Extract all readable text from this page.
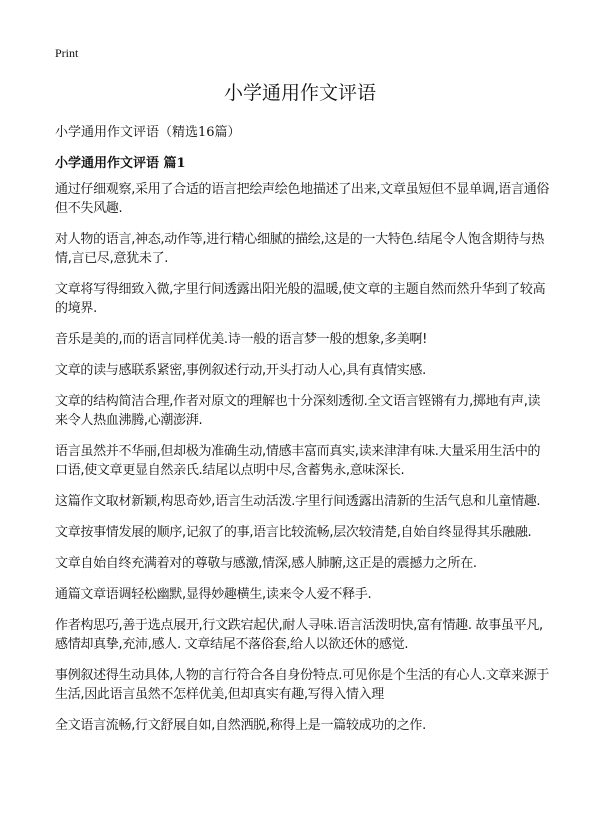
Print
小学通用作文评语

小学通用作文评语（精选16篇）

小学通用作文评语 篇1

通过仔细观察,采用了合适的语言把绘声绘色地描述了出来,文章虽短但不显单调,语言通俗但不失风趣.

对人物的语言,神态,动作等,进行精心细腻的描绘,这是的一大特色.结尾令人饱含期待与热情,言已尽,意犹未了.

文章将写得细致入微,字里行间透露出阳光般的温暖,使文章的主题自然而然升华到了较高的境界.

音乐是美的,而的语言同样优美.诗一般的语言梦一般的想象,多美啊!

文章的读与感联系紧密,事例叙述行动,开头打动人心,具有真情实感.

文章的结构简洁合理,作者对原文的理解也十分深刻透彻.全文语言铿锵有力,掷地有声,读来令人热血沸腾,心潮澎湃.

语言虽然并不华丽,但却极为准确生动,情感丰富而真实,读来津津有味.大量采用生活中的口语,使文章更显自然亲氏.结尾以点明中尽,含蓄隽永,意味深长.

这篇作文取材新颖,构思奇妙,语言生动活泼.字里行间透露出清新的生活气息和儿童情趣.

文章按事情发展的顺序,记叙了的事,语言比较流畅,层次较清楚,自始自终显得其乐融融.

文章自始自终充满着对的尊敬与感激,情深,感人肺腑,这正是的震撼力之所在.

通篇文章语调轻松幽默,显得妙趣横生,读来令人爱不释手.

作者构思巧,善于选点展开,行文跌宕起伏,耐人寻味.语言活泼明快,富有情趣. 故事虽平凡,感情却真挚,充沛,感人. 文章结尾不落俗套,给人以欲还休的感觉.

事例叙述得生动具体,人物的言行符合各自身份特点.可见你是个生活的有心人.文章来源于生活,因此语言虽然不怎样优美,但却真实有趣,写得入情入理

全文语言流畅,行文舒展自如,自然洒脱,称得上是一篇较成功的之作.
